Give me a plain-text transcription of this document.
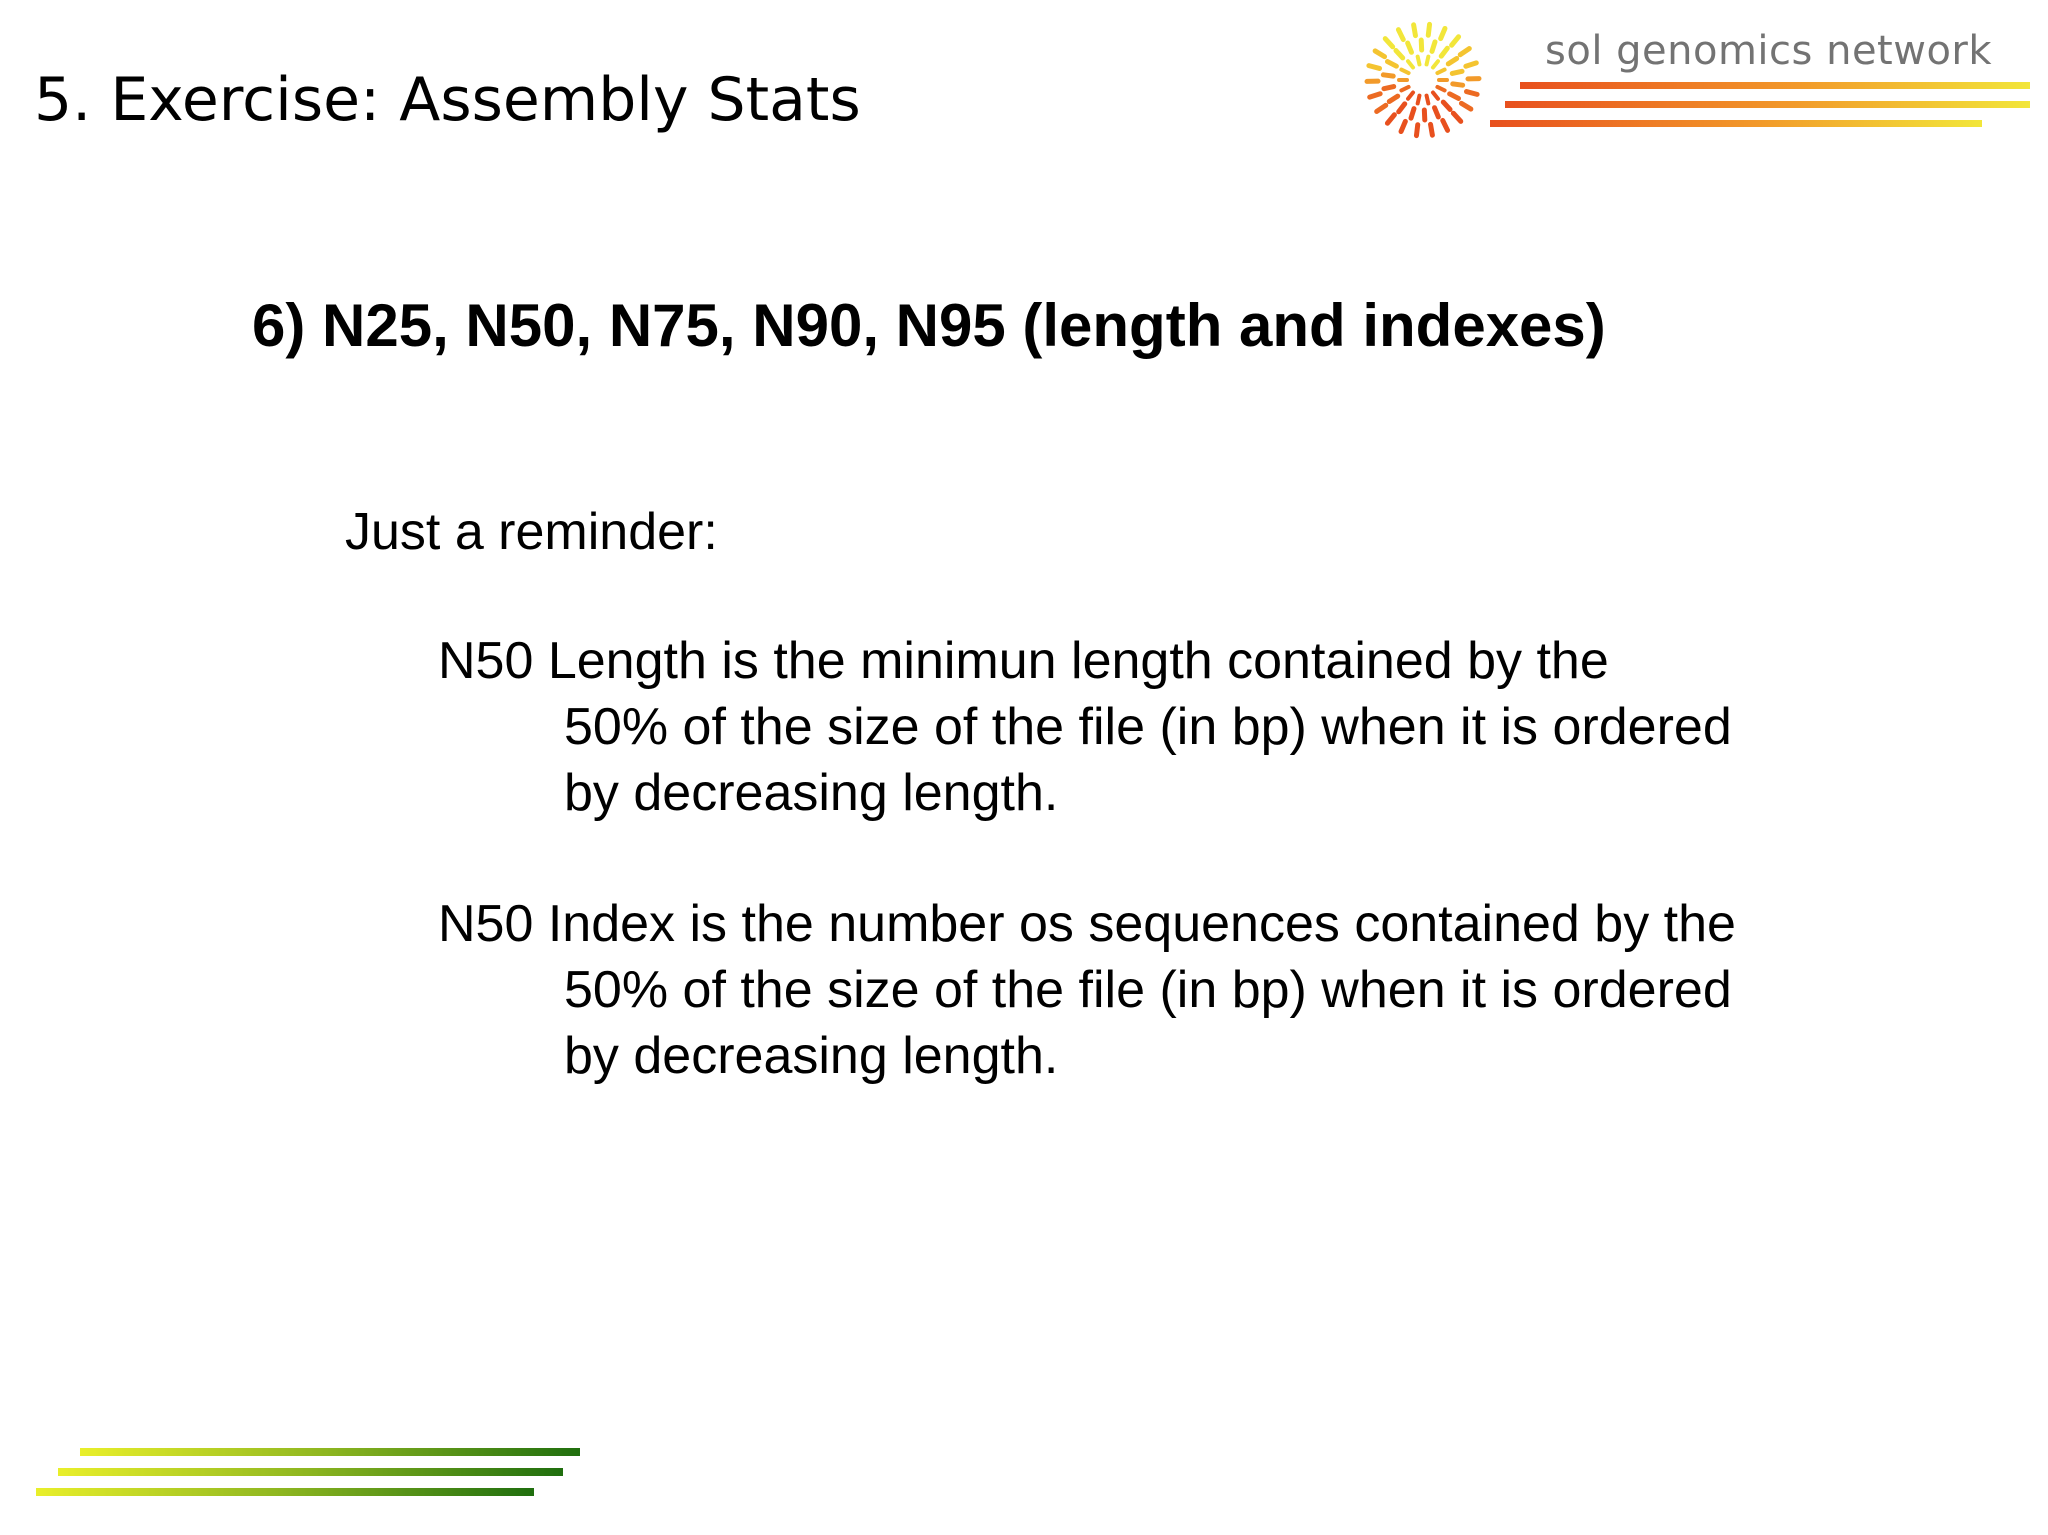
5. Exercise: Assembly Stats
sol genomics network
6) N25, N50, N75, N90, N95 (length and indexes)

Just a reminder:

N50 Length is the minimun length contained by the
50% of the size of the file (in bp) when it is ordered
by decreasing length.
N50 Index is the number os sequences contained by the
50% of the size of the file (in bp) when it is ordered
by decreasing length.
